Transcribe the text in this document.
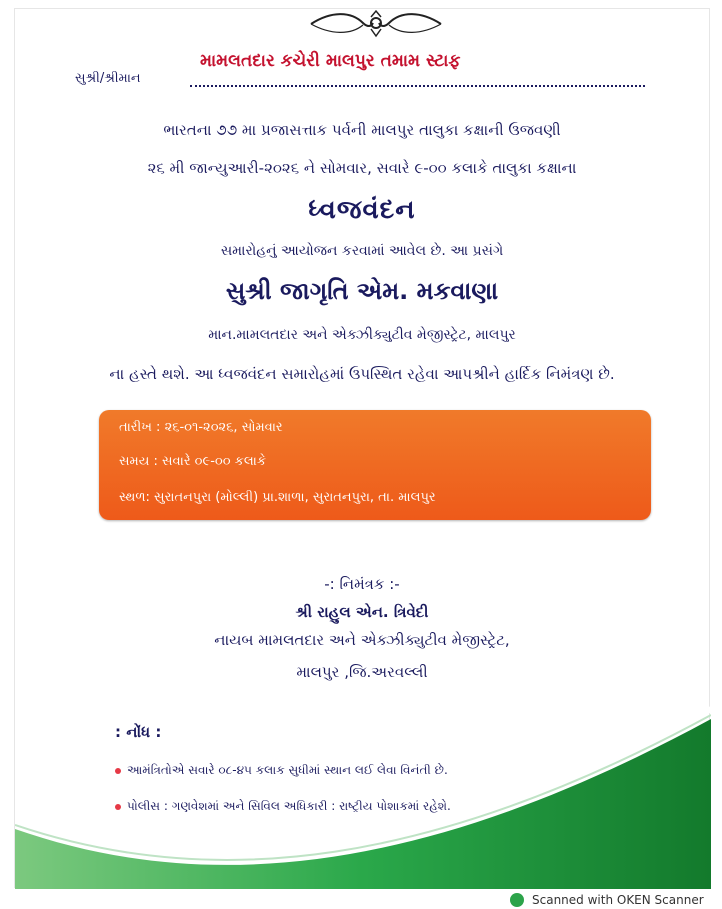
મામલતદાર કચેરી માલપુર તમામ સ્ટાફ
સુશ્રી/શ્રીમાન
ભારતના ૭૭ મા પ્રજાસત્તાક પર્વની માલપુર તાલુકા કક્ષાની ઉજવણી
૨૬ મી જાન્યુઆરી-૨૦૨૬ ને સોમવાર, સવારે ૯-૦૦ કલાકે તાલુકા કક્ષાના
ધ્વજવંદન
સમારોહનું આયોજન કરવામાં આવેલ છે. આ પ્રસંગે
સુશ્રી જાગૃતિ એમ. મકવાણા
માન.મામલતદાર અને એક્ઝીક્યુટીવ મેજીસ્ટ્રેટ, માલપુર
ના હસ્તે થશે. આ ધ્વજવંદન સમારોહમાં ઉપસ્થિત રહેવા આપશ્રીને હાર્દિક નિમંત્રણ છે.
તારીખ : ૨૬-૦૧-૨૦૨૬, સોમવાર
સમય : સવારે ૦૯-૦૦ કલાકે
સ્થળ: સુરાતનપુરા (મોલ્લી) પ્રા.શાળા, સુરાતનપુરા, તા. માલપુર
-: નિમંત્રક :-
શ્રી રાહુલ એન. ત્રિવેદી
નાયબ મામલતદાર અને એક્ઝીક્યુટીવ મેજીસ્ટ્રેટ,
માલપુર ,જિ.અરવલ્લી
: નોંધ :
આમંત્રિતોએ સવારે ૦૮-૪૫ કલાક સુધીમાં સ્થાન લઈ લેવા વિનંતી છે.
પોલીસ : ગણવેશમાં અને સિવિલ અધિકારી : રાષ્ટ્રીય પોશાકમાં રહેશે.
Scanned with OKEN Scanner
